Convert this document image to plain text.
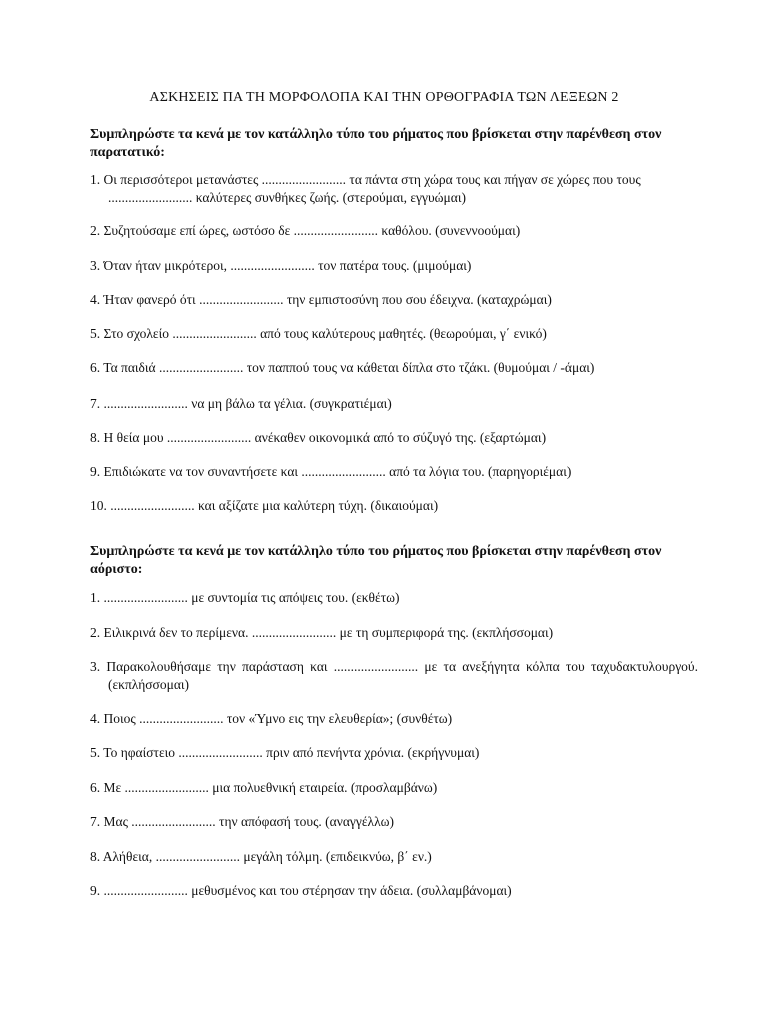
ΑΣΚΗΣΕΙΣ ΠΑ ΤΗ ΜΟΡΦΟΛΟΠΑ ΚΑΙ ΤΗΝ ΟΡΘΟΓΡΑΦΙΑ ΤΩΝ ΛΕΞΕΩΝ 2
Συμπληρώστε τα κενά με τον κατάλληλο τύπο του ρήματος που βρίσκεται στην παρένθεση στον παρατατικό:
1. Οι περισσότεροι μετανάστες ......................... τα πάντα στη χώρα τους και πήγαν σε χώρες που τους ......................... καλύτερες συνθήκες ζωής. (στερούμαι, εγγυώμαι)
2. Συζητούσαμε επί ώρες, ωστόσο δε ......................... καθόλου. (συνεννοούμαι)
3. Όταν ήταν μικρότεροι, ......................... τον πατέρα τους. (μιμούμαι)
4. Ήταν φανερό ότι ......................... την εμπιστοσύνη που σου έδειχνα. (καταχρώμαι)
5. Στο σχολείο ......................... από τους καλύτερους μαθητές. (θεωρούμαι, γ΄ ενικό)
6. Τα παιδιά ......................... τον παππού τους να κάθεται δίπλα στο τζάκι. (θυμούμαι / -άμαι)
7. ......................... να μη βάλω τα γέλια. (συγκρατιέμαι)
8. Η θεία μου ......................... ανέκαθεν οικονομικά από το σύζυγό της. (εξαρτώμαι)
9. Επιδιώκατε να τον συναντήσετε και ......................... από τα λόγια του. (παρηγοριέμαι)
10. ......................... και αξίζατε μια καλύτερη τύχη. (δικαιούμαι)
Συμπληρώστε τα κενά με τον κατάλληλο τύπο του ρήματος που βρίσκεται στην παρένθεση στον αόριστο:
1. ......................... με συντομία τις απόψεις του. (εκθέτω)
2. Ειλικρινά δεν το περίμενα. ......................... με τη συμπεριφορά της. (εκπλήσσομαι)
3. Παρακολουθήσαμε την παράσταση και ......................... με τα ανεξήγητα κόλπα του ταχυδακτυλουργού. (εκπλήσσομαι)
4. Ποιος ......................... τον «Ύμνο εις την ελευθερία»; (συνθέτω)
5. Το ηφαίστειο ......................... πριν από πενήντα χρόνια. (εκρήγνυμαι)
6. Με ......................... μια πολυεθνική εταιρεία. (προσλαμβάνω)
7. Μας ......................... την απόφασή τους. (αναγγέλλω)
8. Αλήθεια, ......................... μεγάλη τόλμη. (επιδεικνύω, β΄ εν.)
9. ......................... μεθυσμένος και του στέρησαν την άδεια. (συλλαμβάνομαι)
